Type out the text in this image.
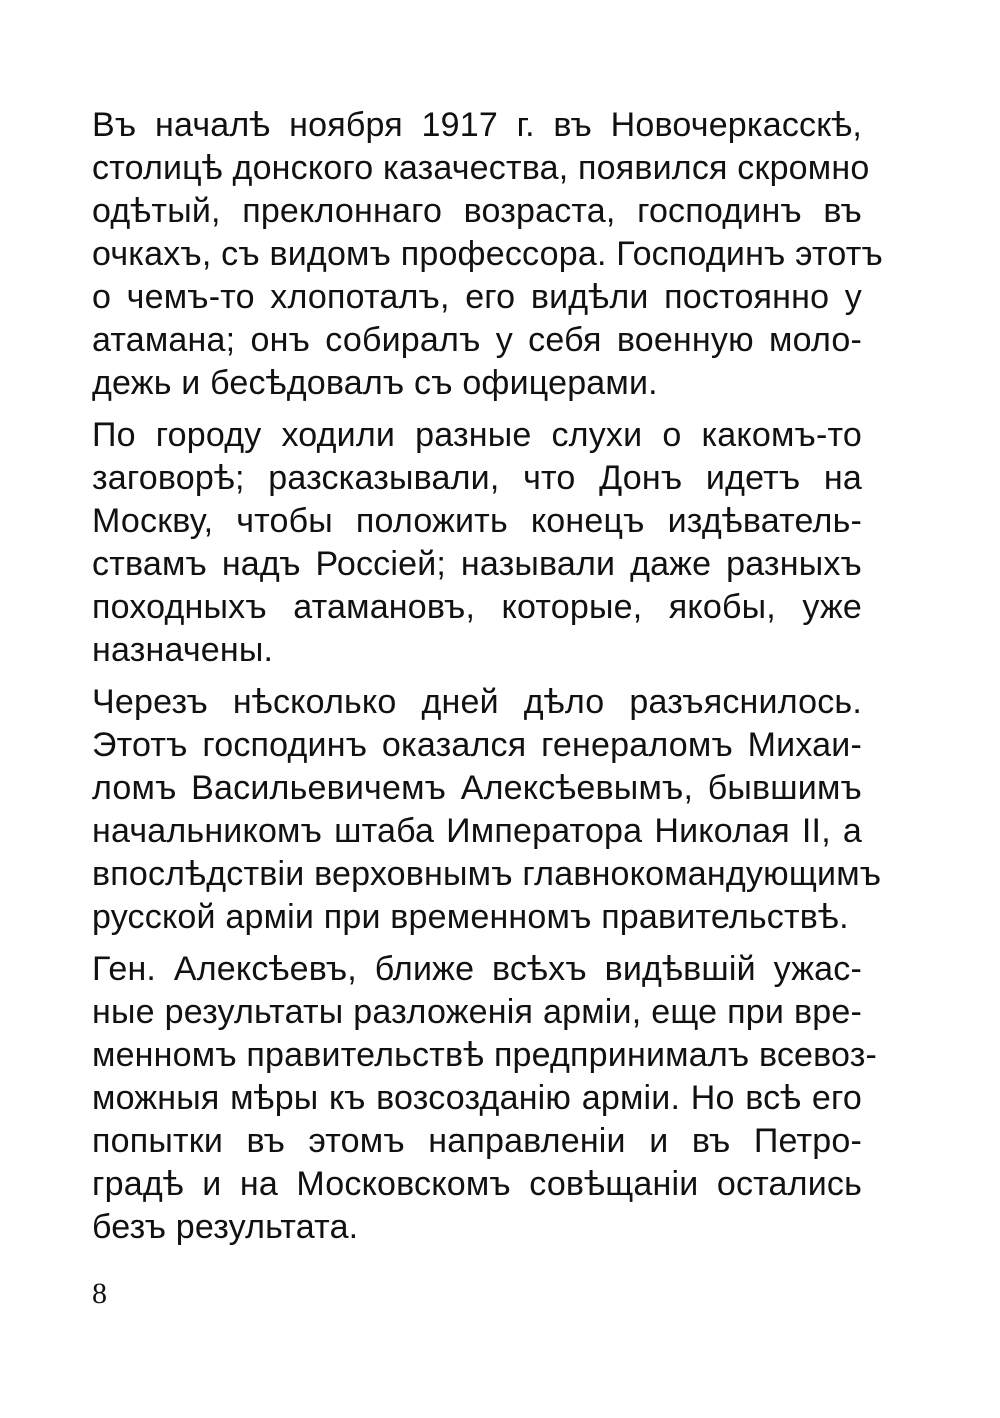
Въ началѣ ноября 1917 г. въ Новочеркасскѣ,
столицѣ донского казачества, появился скромно
одѣтый, преклоннаго возраста, господинъ въ
очкахъ, съ видомъ профессора. Господинъ этотъ
о чемъ-то хлопоталъ, его видѣли постоянно у
атамана; онъ собиралъ у себя военную моло-
дежь и бесѣдовалъ съ офицерами.
По городу ходили разные слухи о какомъ-то
заговорѣ; разсказывали, что Донъ идетъ на
Москву, чтобы положить конецъ издѣватель-
ствамъ надъ Россiей; называли даже разныхъ
походныхъ атамановъ, которые, якобы, уже
назначены.
Черезъ нѣсколько дней дѣло разъяснилось.
Этотъ господинъ оказался генераломъ Михаи-
ломъ Васильевичемъ Алексѣевымъ, бывшимъ
начальникомъ штаба Императора Николая II, а
впослѣдствiи верховнымъ главнокомандующимъ
русской армiи при временномъ правительствѣ.
Ген. Алексѣевъ, ближе всѣхъ видѣвшiй ужас-
ные результаты разложенiя армiи, еще при вре-
менномъ правительствѣ предпринималъ всевоз-
можныя мѣры къ возсозданiю армiи. Но всѣ его
попытки въ этомъ направленiи и въ Петро-
градѣ и на Московскомъ совѣщанiи остались
безъ результата.
8
